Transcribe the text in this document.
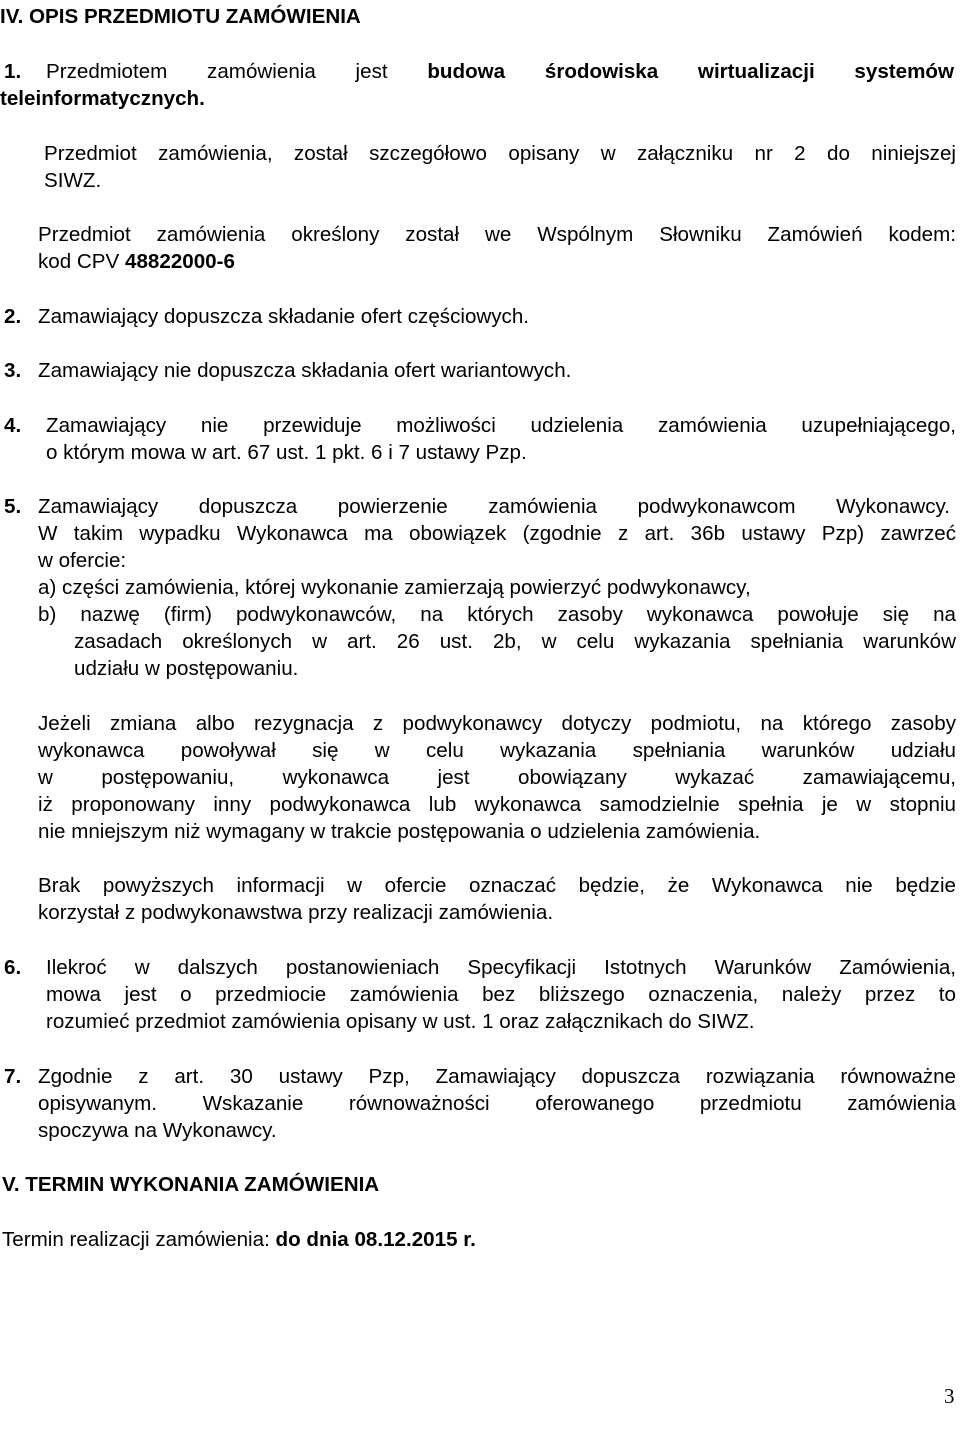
IV. OPIS PRZEDMIOTU ZAMÓWIENIA
1. Przedmiotem zamówienia jest budowa środowiska wirtualizacji systemów
teleinformatycznych.
Przedmiot zamówienia, został szczegółowo opisany w załączniku nr 2 do niniejszej
SIWZ.
Przedmiot zamówienia określony został we Wspólnym Słowniku Zamówień kodem:
kod CPV 48822000-6
2. Zamawiający dopuszcza składanie ofert częściowych.
3. Zamawiający nie dopuszcza składania ofert wariantowych.
4. Zamawiający nie przewiduje możliwości udzielenia zamówienia uzupełniającego,
o którym mowa w art. 67 ust. 1 pkt. 6 i 7 ustawy Pzp.
5. Zamawiający dopuszcza powierzenie zamówienia podwykonawcom Wykonawcy.
W takim wypadku Wykonawca ma obowiązek (zgodnie z art. 36b ustawy Pzp) zawrzeć
w ofercie:
a) części zamówienia, której wykonanie zamierzają powierzyć podwykonawcy,
b) nazwę (firm) podwykonawców, na których zasoby wykonawca powołuje się na
zasadach określonych w art. 26 ust. 2b, w celu wykazania spełniania warunków
udziału w postępowaniu.
Jeżeli zmiana albo rezygnacja z podwykonawcy dotyczy podmiotu, na którego zasoby
wykonawca powoływał się w celu wykazania spełniania warunków udziału
w postępowaniu, wykonawca jest obowiązany wykazać zamawiającemu,
iż proponowany inny podwykonawca lub wykonawca samodzielnie spełnia je w stopniu
nie mniejszym niż wymagany w trakcie postępowania o udzielenia zamówienia.
Brak powyższych informacji w ofercie oznaczać będzie, że Wykonawca nie będzie
korzystał z podwykonawstwa przy realizacji zamówienia.
6. Ilekroć w dalszych postanowieniach Specyfikacji Istotnych Warunków Zamówienia,
mowa jest o przedmiocie zamówienia bez bliższego oznaczenia, należy przez to
rozumieć przedmiot zamówienia opisany w ust. 1 oraz załącznikach do SIWZ.
7. Zgodnie z art. 30 ustawy Pzp, Zamawiający dopuszcza rozwiązania równoważne
opisywanym. Wskazanie równoważności oferowanego przedmiotu zamówienia
spoczywa na Wykonawcy.
V. TERMIN WYKONANIA ZAMÓWIENIA
Termin realizacji zamówienia: do dnia 08.12.2015 r.
3
